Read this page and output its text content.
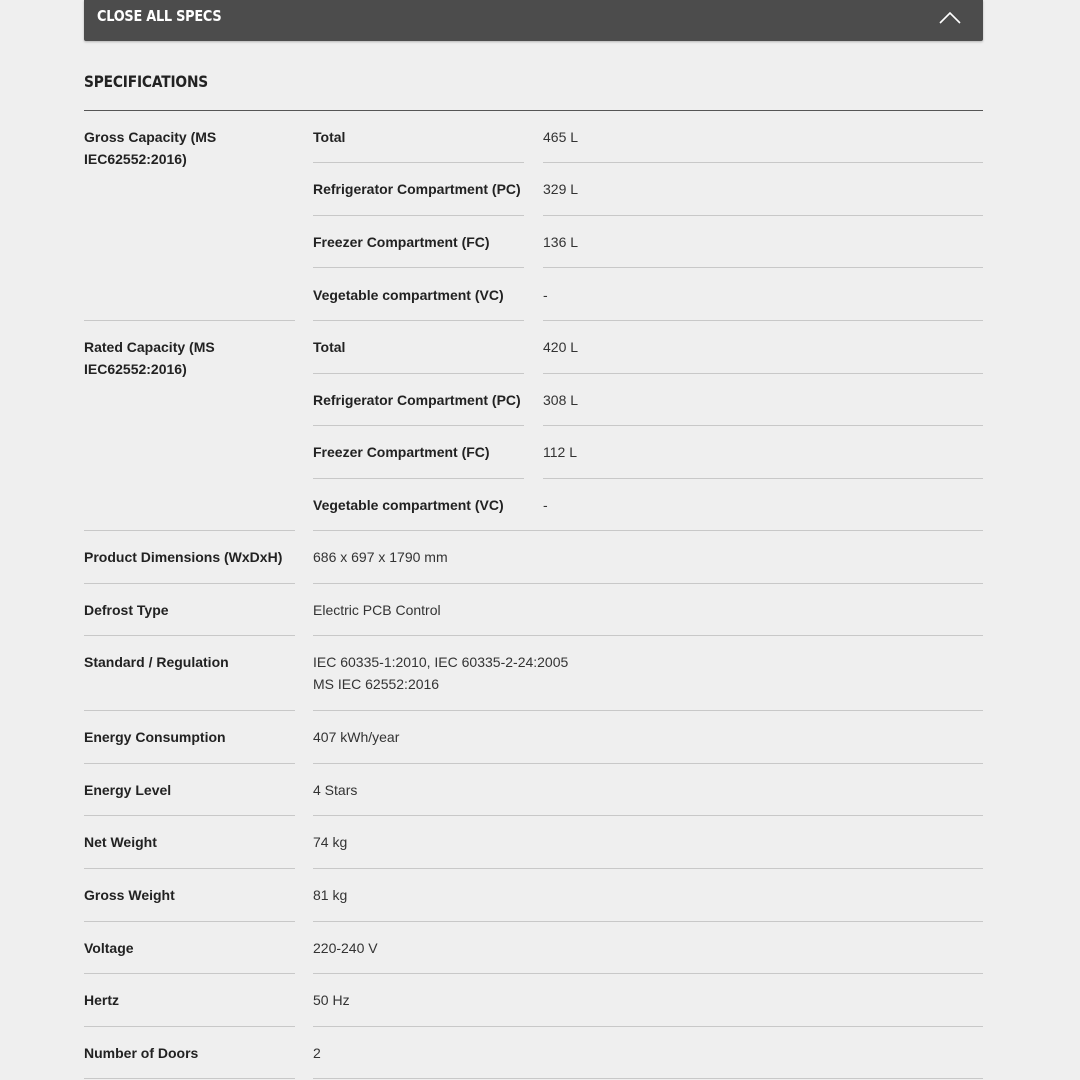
CLOSE ALL SPECS
SPECIFICATIONS
Gross Capacity (MS IEC62552:2016)
Total	465 L
Refrigerator Compartment (PC) 329 L
Freezer Compartment (FC)	136 L
Vegetable compartment (VC)	-
Rated Capacity (MS IEC62552:2016)
Total	420 L
Refrigerator Compartment (PC) 308 L
Freezer Compartment (FC)	112 L
Vegetable compartment (VC)	-
Product Dimensions (WxDxH) 686 x 697 x 1790 mm
Defrost Type	Electric PCB Control
Standard / Regulation	IEC 60335-1:2010, IEC 60335-2-24:2005
MS IEC 62552:2016
Energy Consumption	407 kWh/year
Energy Level	4 Stars
Net Weight	74 kg
Gross Weight	81 kg
Voltage	220-240 V
Hertz	50 Hz
Number of Doors	2
